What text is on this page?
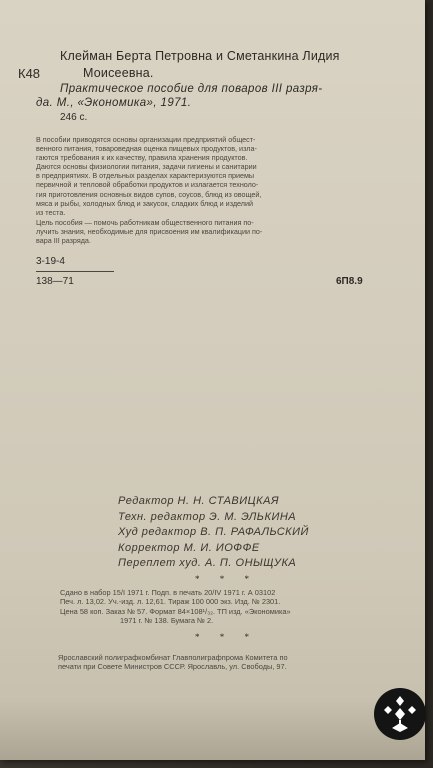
К48
Клейман Берта Петровна и Сметанкина Лидия
Моисеевна.
Практическое пособие для поваров III разря-
да. М., «Экономика», 1971.
246 с.
В пособии приводятся основы организации предприятий общест-
венного питания, товароведная оценка пищевых продуктов, изла-
гаются требования к их качеству, правила хранения продуктов.
Даются основы физиологии питания, задачи гигиены и санитарии
в предприятиях. В отдельных разделах характеризуются приемы
первичной и тепловой обработки продуктов и излагается техноло-
гия приготовления основных видов супов, соусов, блюд из овощей,
мяса и рыбы, холодных блюд и закусок, сладких блюд и изделий
из теста.
Цель пособия — помочь работникам общественного питания по-
лучить знания, необходимые для присвоения им квалификации по-
вара III разряда.
3-19-4
138—71	6П8.9
Редактор Н. Н. СТАВИЦКАЯ
Техн. редактор Э. М. ЭЛЬКИНА
Худ редактор В. П. РАФАЛЬСКИЙ
Корректор М. И. ИОФФЕ
Переплет худ. А. П. ОНЫЩУКА
* * *
Сдано в набор 15/I 1971 г. Подп. в печать 20/IV 1971 г. А 03102
Печ. л. 13,02. Уч.-изд. л. 12,61. Тираж 100 000 экз. Изд. № 2301.
Цена 58 коп. Заказ № 57. Формат 84×108¹/₃₂. ТП изд. «Экономика»
1971 г. № 138. Бумага № 2.
* * *
Ярославский полиграфкомбинат Главполиграфпрома Комитета по
печати при Совете Министров СССР. Ярославль, ул. Свободы, 97.
